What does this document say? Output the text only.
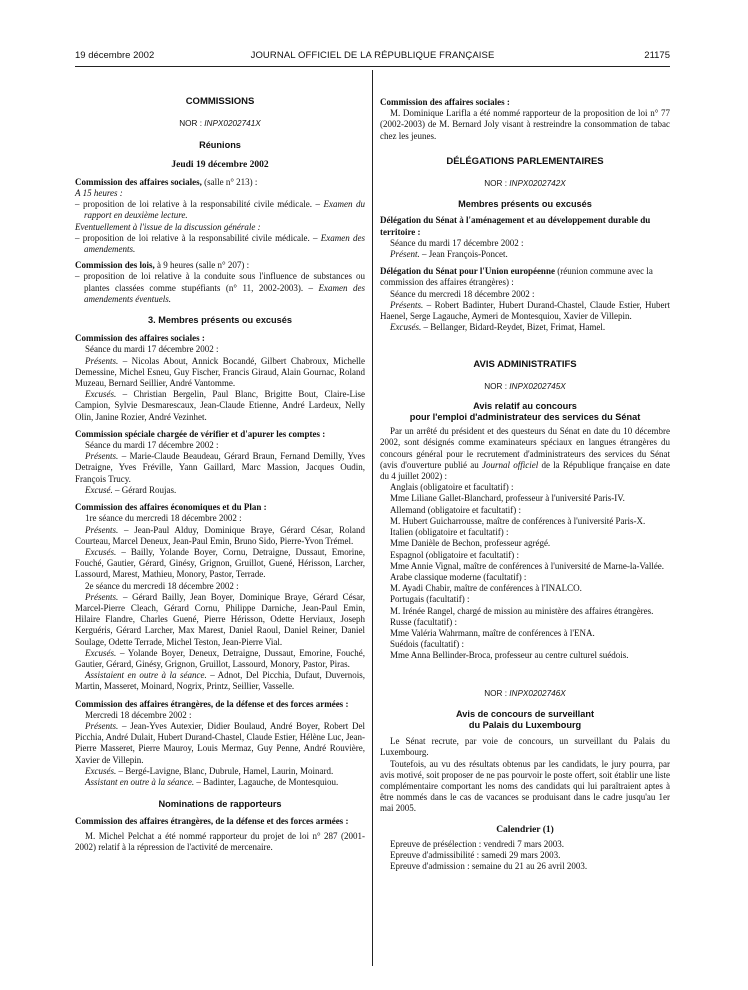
19 décembre 2002	JOURNAL OFFICIEL DE LA RÉPUBLIQUE FRANÇAISE	21175

COMMISSIONS

NOR : INPX0202741X

Réunions

Jeudi 19 décembre 2002

Commission des affaires sociales, (salle n° 213) :

A 15 heures :

– proposition de loi relative à la responsabilité civile médicale. – Examen du rapport en deuxième lecture.

Eventuellement à l'issue de la discussion générale :

– proposition de loi relative à la responsabilité civile médicale. – Examen des amendements.

Commission des lois, à 9 heures (salle n° 207) :

– proposition de loi relative à la conduite sous l'influence de substances ou plantes classées comme stupéfiants (n° 11, 2002-2003). – Examen des amendements éventuels.

3. Membres présents ou excusés

Commission des affaires sociales :

Séance du mardi 17 décembre 2002 :

Présents. – Nicolas About, Annick Bocandé, Gilbert Chabroux, Michelle Demessine, Michel Esneu, Guy Fischer, Francis Giraud, Alain Gournac, Roland Muzeau, Bernard Seillier, André Vantomme.

Excusés. – Christian Bergelin, Paul Blanc, Brigitte Bout, Claire-Lise Campion, Sylvie Desmarescaux, Jean-Claude Etienne, André Lardeux, Nelly Olin, Janine Rozier, André Vezinhet.

Commission spéciale chargée de vérifier et d'apurer les comptes :

Séance du mardi 17 décembre 2002 :

Présents. – Marie-Claude Beaudeau, Gérard Braun, Fernand Demilly, Yves Detraigne, Yves Fréville, Yann Gaillard, Marc Massion, Jacques Oudin, François Trucy.

Excusé. – Gérard Roujas.

Commission des affaires économiques et du Plan :

1re séance du mercredi 18 décembre 2002 :

Présents. – Jean-Paul Alduy, Dominique Braye, Gérard César, Roland Courteau, Marcel Deneux, Jean-Paul Emin, Bruno Sido, Pierre-Yvon Trémel.

Excusés. – Bailly, Yolande Boyer, Cornu, Detraigne, Dussaut, Emorine, Fouché, Gautier, Gérard, Ginésy, Grignon, Gruillot, Guené, Hérisson, Larcher, Lassourd, Marest, Mathieu, Monory, Pastor, Terrade.

2e séance du mercredi 18 décembre 2002 :

Présents. – Gérard Bailly, Jean Boyer, Dominique Braye, Gérard César, Marcel-Pierre Cleach, Gérard Cornu, Philippe Darniche, Jean-Paul Emin, Hilaire Flandre, Charles Guené, Pierre Hérisson, Odette Herviaux, Joseph Kerguéris, Gérard Larcher, Max Marest, Daniel Raoul, Daniel Reiner, Daniel Soulage, Odette Terrade, Michel Teston, Jean-Pierre Vial.

Excusés. – Yolande Boyer, Deneux, Detraigne, Dussaut, Emorine, Fouché, Gautier, Gérard, Ginésy, Grignon, Gruillot, Lassourd, Monory, Pastor, Piras.

Assistaient en outre à la séance. – Adnot, Del Picchia, Dufaut, Duvernois, Martin, Masseret, Moinard, Nogrix, Printz, Seillier, Vasselle.

Commission des affaires étrangères, de la défense et des forces armées :

Mercredi 18 décembre 2002 :

Présents. – Jean-Yves Autexier, Didier Boulaud, André Boyer, Robert Del Picchia, André Dulait, Hubert Durand-Chastel, Claude Estier, Hélène Luc, Jean-Pierre Masseret, Pierre Mauroy, Louis Mermaz, Guy Penne, André Rouvière, Xavier de Villepin.

Excusés. – Bergé-Lavigne, Blanc, Dubrule, Hamel, Laurin, Moinard.

Assistant en outre à la séance. – Badinter, Lagauche, de Montesquiou.

Nominations de rapporteurs

Commission des affaires étrangères, de la défense et des forces armées :

M. Michel Pelchat a été nommé rapporteur du projet de loi n° 287 (2001-2002) relatif à la répression de l'activité de mercenaire.

Commission des affaires sociales :

M. Dominique Larifla a été nommé rapporteur de la proposition de loi n° 77 (2002-2003) de M. Bernard Joly visant à restreindre la consommation de tabac chez les jeunes.

DÉLÉGATIONS PARLEMENTAIRES

NOR : INPX0202742X

Membres présents ou excusés

Délégation du Sénat à l'aménagement et au développement durable du territoire :

Séance du mardi 17 décembre 2002 :

Présent. – Jean François-Poncet.

Délégation du Sénat pour l'Union européenne (réunion commune avec la commission des affaires étrangères) :

Séance du mercredi 18 décembre 2002 :

Présents. – Robert Badinter, Hubert Durand-Chastel, Claude Estier, Hubert Haenel, Serge Lagauche, Aymeri de Montesquiou, Xavier de Villepin.

Excusés. – Bellanger, Bidard-Reydet, Bizet, Frimat, Hamel.

AVIS ADMINISTRATIFS

NOR : INPX0202745X

Avis relatif au concours

pour l'emploi d'administrateur des services du Sénat

Par un arrêté du président et des questeurs du Sénat en date du 10 décembre 2002, sont désignés comme examinateurs spéciaux en langues étrangères du concours général pour le recrutement d'administrateurs des services du Sénat (avis d'ouverture publié au Journal officiel de la République française en date du 4 juillet 2002) :

Anglais (obligatoire et facultatif) :

Mme Liliane Gallet-Blanchard, professeur à l'université Paris-IV.

Allemand (obligatoire et facultatif) :

M. Hubert Guicharrousse, maître de conférences à l'université Paris-X.

Italien (obligatoire et facultatif) :

Mme Danièle de Bechon, professeur agrégé.

Espagnol (obligatoire et facultatif) :

Mme Annie Vignal, maître de conférences à l'université de Marne-la-Vallée.

Arabe classique moderne (facultatif) :

M. Ayadi Chabir, maître de conférences à l'INALCO.

Portugais (facultatif) :

M. Irénée Rangel, chargé de mission au ministère des affaires étrangères.

Russe (facultatif) :

Mme Valéria Wahrmann, maître de conférences à l'ENA.

Suédois (facultatif) :

Mme Anna Bellinder-Broca, professeur au centre culturel suédois.

NOR : INPX0202746X

Avis de concours de surveillant

du Palais du Luxembourg

Le Sénat recrute, par voie de concours, un surveillant du Palais du Luxembourg.

Toutefois, au vu des résultats obtenus par les candidats, le jury pourra, par avis motivé, soit proposer de ne pas pourvoir le poste offert, soit établir une liste complémentaire comportant les noms des candidats qui lui paraîtraient aptes à être nommés dans le cas de vacances se produisant dans le cadre jusqu'au 1er mai 2005.

Calendrier (1)

Epreuve de présélection : vendredi 7 mars 2003.

Epreuve d'admissibilité : samedi 29 mars 2003.

Epreuve d'admission : semaine du 21 au 26 avril 2003.
